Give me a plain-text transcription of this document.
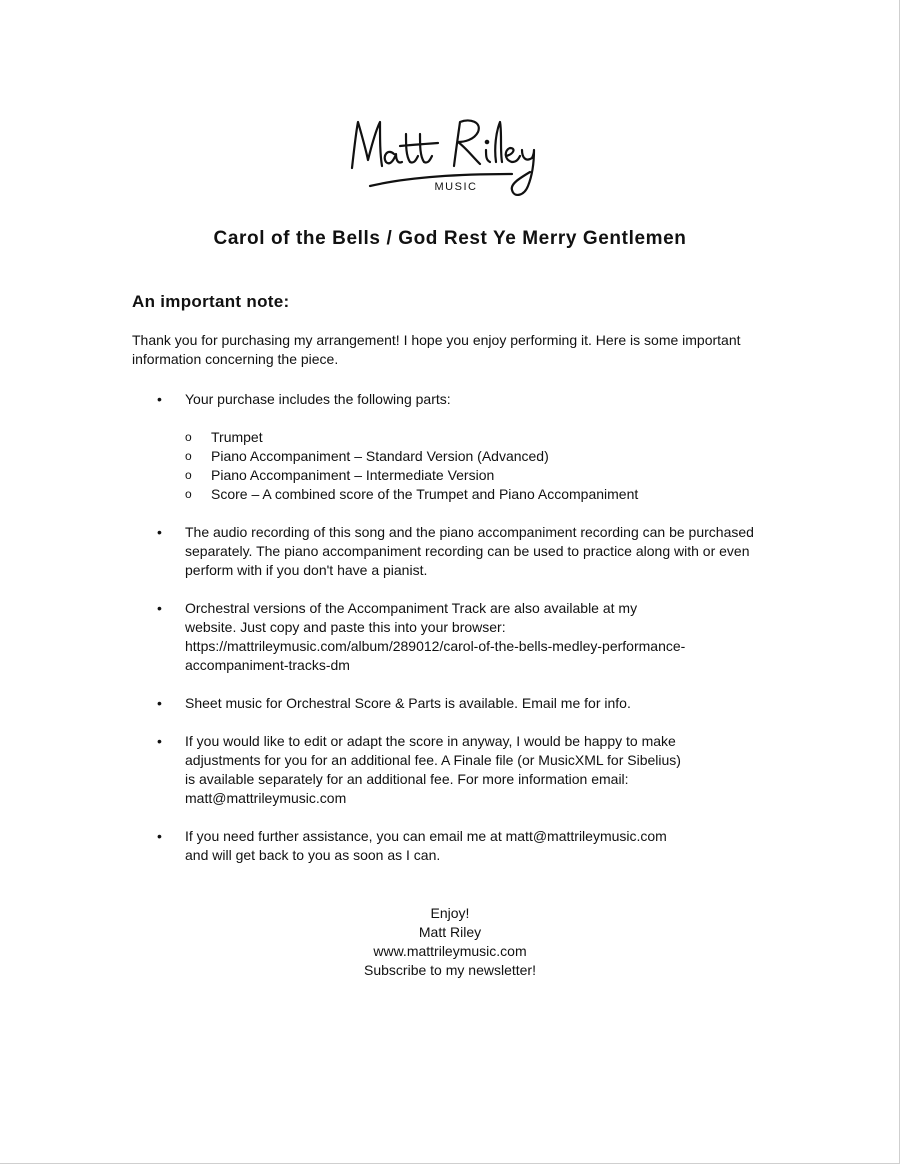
MUSIC
Carol of the Bells / God Rest Ye Merry Gentlemen
An important note:

Thank you for purchasing my arrangement! I hope you enjoy performing it. Here is some important information concerning the piece.

• Your purchase includes the following parts:
o Trumpet
o Piano Accompaniment – Standard Version (Advanced)
o Piano Accompaniment – Intermediate Version
o Score – A combined score of the Trumpet and Piano Accompaniment
• The audio recording of this song and the piano accompaniment recording can be purchased separately. The piano accompaniment recording can be used to practice along with or even perform with if you don't have a pianist.
• Orchestral versions of the Accompaniment Track are also available at my
website. Just copy and paste this into your browser:
https://mattrileymusic.com/album/289012/carol-of-the-bells-medley-performance-
accompaniment-tracks-dm
• Sheet music for Orchestral Score & Parts is available. Email me for info.
• If you would like to edit or adapt the score in anyway, I would be happy to make
adjustments for you for an additional fee. A Finale file (or MusicXML for Sibelius)
is available separately for an additional fee. For more information email:
matt@mattrileymusic.com
• If you need further assistance, you can email me at matt@mattrileymusic.com
and will get back to you as soon as I can.
Enjoy!
Matt Riley
www.mattrileymusic.com
Subscribe to my newsletter!
